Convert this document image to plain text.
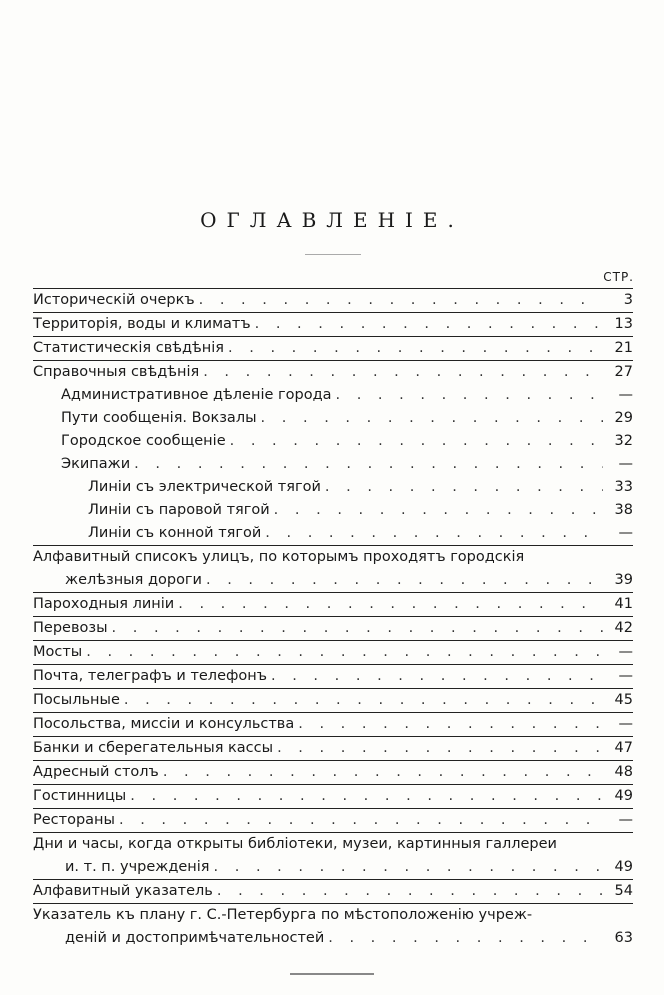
ОГЛАВЛЕНIЕ.
СТР.
Историческiй очеркъ . . .	3
Территорiя, воды и климатъ . . .	13
Статистическiя свѣдѣнiя . . .	21
Справочныя свѣдѣнiя . . .	27
Административное дѣленiе города . . .	—
Пути сообщенiя. Вокзалы . . .	29
Городское сообщенiе . . .	32
Экипажи . . .	—
Линiи съ электрической тягой . . .	33
Линiи съ паровой тягой . . .	38
Линiи съ конной тягой . . .	—
Алфавитный списокъ улицъ, по которымъ проходятъ городскiя
желѣзныя дороги . . .	39
Пароходныя линiи . . .	41
Перевозы . . .	42
Мосты . . .	—
Почта, телеграфъ и телефонъ . . .	—
Посыльные . . .	45
Посольства, миссiи и консульства . . .	—
Банки и сберегательныя кассы . . .	47
Адресный столъ . . .	48
Гостинницы . . .	49
Рестораны . . .	—
Дни и часы, когда открыты библiотеки, музеи, картинныя галлереи
и. т. п. учрежденiя . . .	49
Алфавитный указатель . . .	54
Указатель къ плану г. С.-Петербурга по мѣстоположенiю учреж-
денiй и достопримѣчательностей . . .	63
